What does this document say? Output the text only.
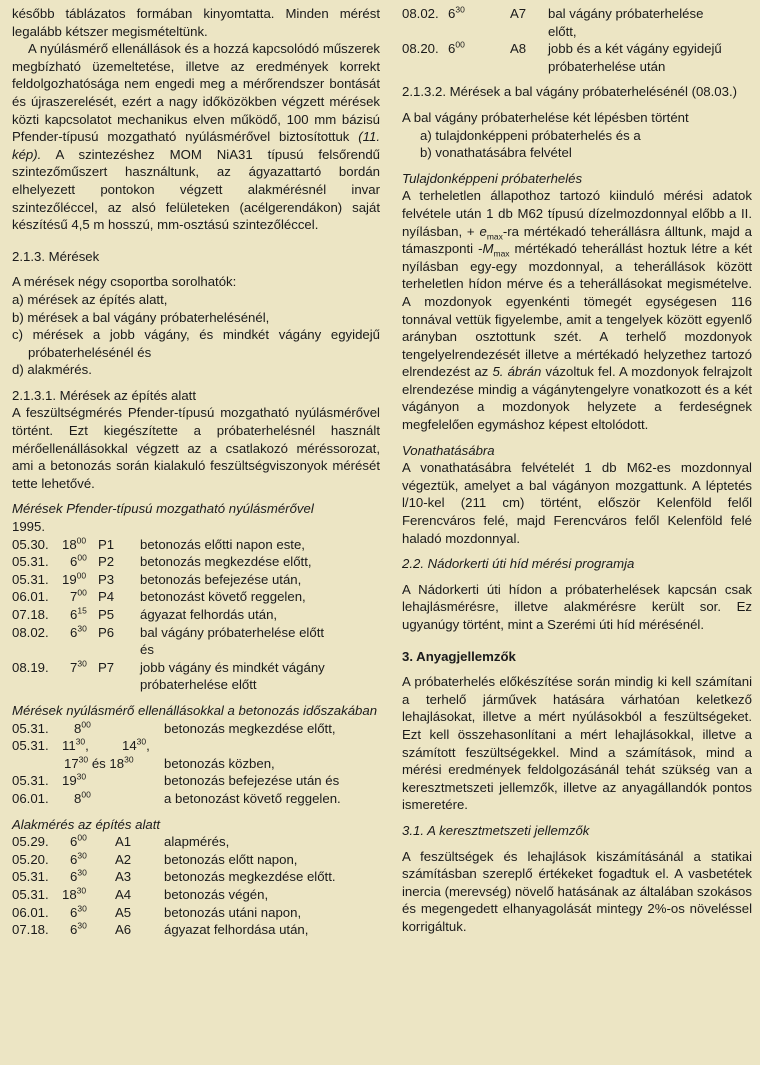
később táblázatos formában kinyomtatta. Minden mérést legalább kétszer megismételtünk.

A nyúlásmérő ellenállások és a hozzá kapcsolódó műszerek megbízható üzemeltetése, illetve az eredmények korrekt feldolgozhatósága nem engedi meg a mérőrendszer bontását és újraszerelését, ezért a nagy időközökben végzett mérések közti kapcsolatot mechanikus elven működő, 100 mm bázisú Pfender-típusú mozgatható nyúlásmérővel biztosítottuk (11. kép). A szintezéshez MOM NiA31 típusú felsőrendű szintezőműszert használtunk, az ágyazattartó bordán elhelyezett pontokon végzett alakmérésnél invar szintezőléccel, az alsó felületeken (acélgerendákon) saját készítésű 4,5 m hosszú, mm-osztású szintezőléccel.

2.1.3. Mérések

A mérések négy csoportba sorolhatók:

a) mérések az építés alatt,

b) mérések a bal vágány próbaterhelésénél,

c) mérések a jobb vágány, és mindkét vágány egyidejű próbaterhelésénél és

d) alakmérés.

2.1.3.1. Mérések az építés alatt

A feszültségmérés Pfender-típusú mozgatható nyúlásmérővel történt. Ezt kiegészítette a próbaterhelésnél használt mérőellenállásokkal végzett az a csatlakozó méréssorozat, ami a betonozás során kialakuló feszültségviszonyok mérését tette lehetővé.

Mérések Pfender-típusú mozgatható nyúlásmérővel

1995.

05.30. $18^{00}$ P1 betonozás előtti napon este,
05.31. $6^{00}$ P2 betonozás megkezdése előtt,
05.31. $19^{00}$ P3 betonozás befejezése után,
06.01. $7^{00}$ P4 betonozást követő reggelen,
07.18. $6^{15}$ P5 ágyazat felhordás után,
08.02. $6^{30}$ P6 bal vágány próbaterhelése előtt és
08.19. $7^{30}$ P7 jobb vágány és mindkét vágány próbaterhelése előtt

Mérések nyúlásmérő ellenállásokkal a betonozás időszakában

05.31. $8^{00}$	betonozás megkezdése előtt,
05.31. $11^{30}$,	$14^{30}$,
$17^{30}$ és $18^{30}$ betonozás közben,
05.31. $19^{30}$	betonozás befejezése után és
06.01. $8^{00}$	a betonozást követő reggelen.

Alakmérés az építés alatt

05.29. $6^{00}$ A1 alapmérés,
05.20. $6^{30}$ A2 betonozás előtt napon,
05.31. $6^{30}$ A3 betonozás megkezdése előtt.
05.31. $18^{30}$ A4 betonozás végén,
06.01. $6^{30}$ A5 betonozás utáni napon,
07.18. $6^{30}$ A6 ágyazat felhordása után,
08.02. $6^{30}$	A7 bal vágány próbaterhelése előtt,
08.20. $6^{00}$	A8 jobb és a két vágány egyidejű próbaterhelése után

2.1.3.2. Mérések a bal vágány próbaterhelésénél (08.03.)

A bal vágány próbaterhelése két lépésben történt

a) tulajdonképpeni próbaterhelés és a

b) vonathatásábra felvétel

Tulajdonképpeni próbaterhelés

A terheletlen állapothoz tartozó kiinduló mérési adatok felvétele után 1 db M62 típusú dízelmozdonnyal előbb a II. nyílásban, + $e_{max}-ra$ mértékadó teherállásra álltunk, majd a támaszponti $-M_{max}$ mértékadó teherállást hoztuk létre a két nyílásban egy-egy mozdonnyal, a teherállások között terheletlen hídon mérve és a teherállásokat megismételve. A mozdonyok egyenkénti tömegét egységesen 116 tonnával vettük figyelembe, amit a tengelyek között egyenlő arányban osztottunk szét. A terhelő mozdonyok tengelyelrendezését illetve a mértékadó helyzethez tartozó elrendezést az 5. ábrán vázoltuk fel. A mozdonyok felrajzolt elrendezése mindig a vágánytengelyre vonatkozott és a két vágányon a mozdonyok helyzete a ferdeségnek megfelelően egymáshoz képest eltolódott.

Vonathatásábra

A vonathatásábra felvételét 1 db M62-es mozdonnyal végeztük, amelyet a bal vágányon mozgattunk. A léptetés l/10-kel (211 cm) történt, először Kelenföld felől Ferencváros felé, majd Ferencváros felől Kelenföld felé haladó mozdonnyal.

2.2. Nádorkerti úti híd mérési programja

A Nádorkerti úti hídon a próbaterhelések kapcsán csak lehajlásmérésre, illetve alakmérésre került sor. Ez ugyanúgy történt, mint a Szerémi úti híd mérésénél.

3. Anyagjellemzők

A próbaterhelés előkészítése során mindig ki kell számítani a terhelő járművek hatására várhatóan keletkező lehajlásokat, illetve a mért nyúlásokból a feszültségeket. Ezt kell összehasonlítani a mért lehajlásokkal, illetve a számított feszültségekkel. Mind a számítások, mind a mérési eredmények feldolgozásánál tehát szükség van a keresztmetszeti jellemzők, illetve az anyagállandók pontos ismeretére.

3.1. A keresztmetszeti jellemzők

A feszültségek és lehajlások kiszámításánál a statikai számításban szereplő értékeket fogadtuk el. A vasbetétek inercia (merevség) növelő hatásának az általában szokásos és megengedett elhanyagolását mintegy 2%-os növeléssel korrigáltuk.
